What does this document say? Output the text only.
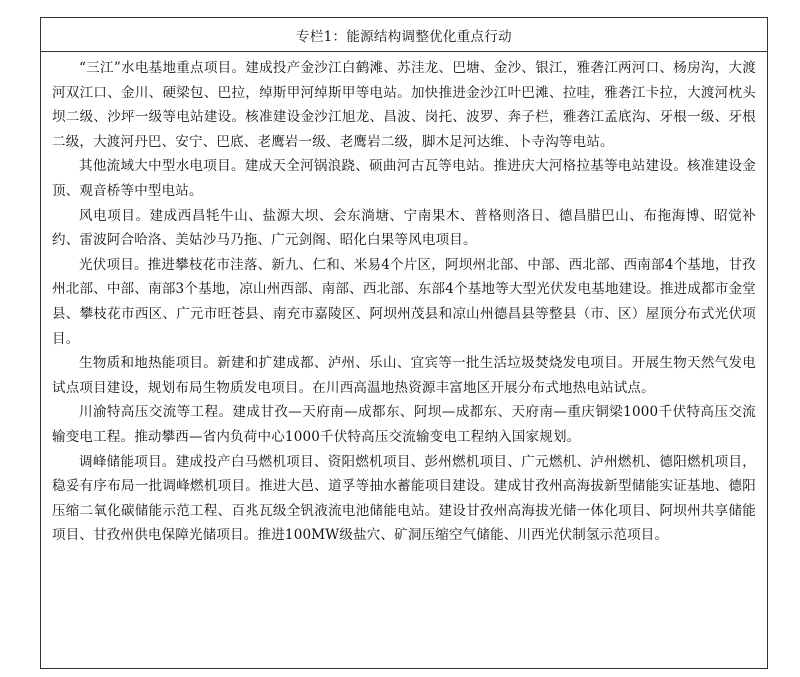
专栏1：能源结构调整优化重点行动

“三江”水电基地重点项目。建成投产金沙江白鹤滩、苏洼龙、巴塘、金沙、银江，雅砻江两河口、杨房沟，大渡河双江口、金川、硬梁包、巴拉，绰斯甲河绰斯甲等电站。加快推进金沙江叶巴滩、拉哇，雅砻江卡拉，大渡河枕头坝二级、沙坪一级等电站建设。核准建设金沙江旭龙、昌波、岗托、波罗、奔子栏，雅砻江孟底沟、牙根一级、牙根二级，大渡河丹巴、安宁、巴底、老鹰岩一级、老鹰岩二级，脚木足河达维、卜寺沟等电站。

其他流域大中型水电项目。建成天全河锅浪跷、硕曲河古瓦等电站。推进庆大河格拉基等电站建设。核准建设金顶、观音桥等中型电站。

风电项目。建成西昌牦牛山、盐源大坝、会东淌塘、宁南果木、普格则洛日、德昌腊巴山、布拖海博、昭觉补约、雷波阿合哈洛、美姑沙马乃拖、广元剑阁、昭化白果等风电项目。

光伏项目。推进攀枝花市洼落、新九、仁和、米易4个片区，阿坝州北部、中部、西北部、西南部4个基地，甘孜州北部、中部、南部3个基地，凉山州西部、南部、西北部、东部4个基地等大型光伏发电基地建设。推进成都市金堂县、攀枝花市西区、广元市旺苍县、南充市嘉陵区、阿坝州茂县和凉山州德昌县等整县（市、区）屋顶分布式光伏项目。

生物质和地热能项目。新建和扩建成都、泸州、乐山、宜宾等一批生活垃圾焚烧发电项目。开展生物天然气发电试点项目建设，规划布局生物质发电项目。在川西高温地热资源丰富地区开展分布式地热电站试点。

川渝特高压交流等工程。建成甘孜—天府南—成都东、阿坝—成都东、天府南—重庆铜梁1000千伏特高压交流输变电工程。推动攀西—省内负荷中心1000千伏特高压交流输变电工程纳入国家规划。

调峰储能项目。建成投产白马燃机项目、资阳燃机项目、彭州燃机项目、广元燃机、泸州燃机、德阳燃机项目，稳妥有序布局一批调峰燃机项目。推进大邑、道孚等抽水蓄能项目建设。建成甘孜州高海拔新型储能实证基地、德阳压缩二氧化碳储能示范工程、百兆瓦级全钒液流电池储能电站。建设甘孜州高海拔光储一体化项目、阿坝州共享储能项目、甘孜州供电保障光储项目。推进100MW级盐穴、矿洞压缩空气储能、川西光伏制氢示范项目。
